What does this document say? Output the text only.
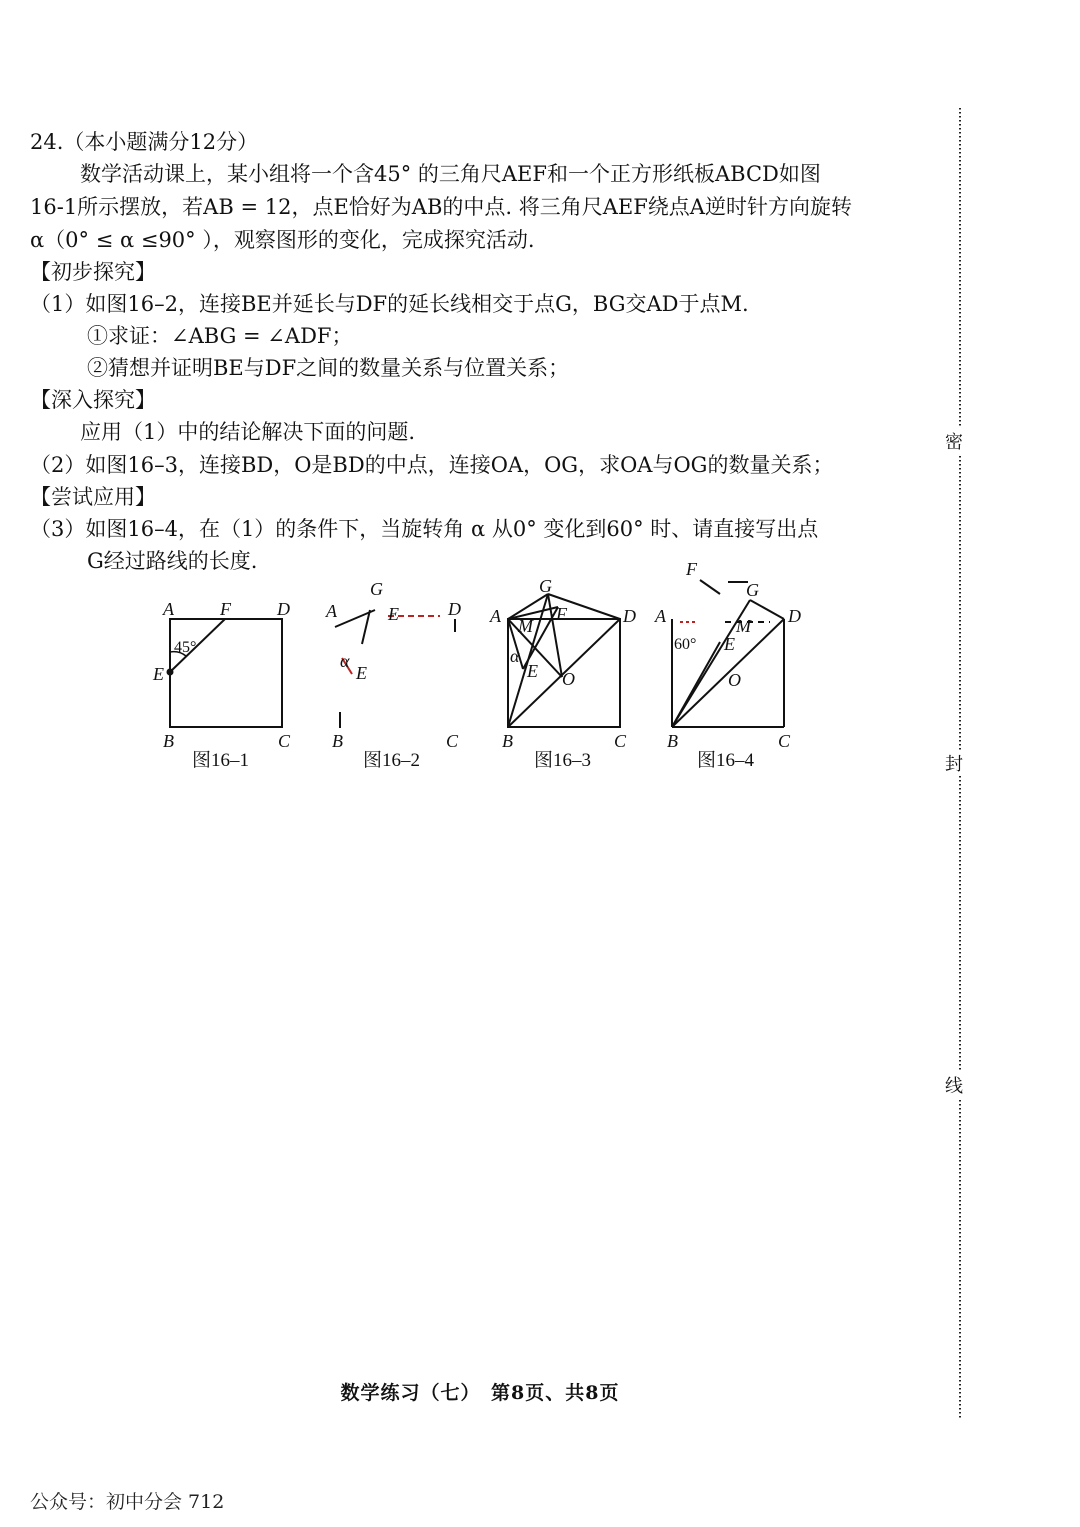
24.（本小题满分12分）
数学活动课上，某小组将一个含45° 的三角尺AEF和一个正方形纸板ABCD如图
16-1所示摆放，若AB = 12，点E恰好为AB的中点. 将三角尺AEF绕点A逆时针方向旋转
α（0° ≤ α ≤90° ），观察图形的变化，完成探究活动.
【初步探究】
（1）如图16–2，连接BE并延长与DF的延长线相交于点G，BG交AD于点M.
①求证：∠ABG = ∠ADF；
②猜想并证明BE与DF之间的数量关系与位置关系；
【深入探究】
应用（1）中的结论解决下面的问题.
（2）如图16–3，连接BD，O是BD的中点，连接OA，OG，求OA与OG的数量关系；
【尝试应用】
（3）如图16–4，在（1）的条件下，当旋转角 α 从0° 变化到60° 时、请直接写出点
G经过路线的长度.
A	F	D
45°
E
B	C
G
A	E	D
α
E
B	C
G
A M
F	D
α
E O
B	C
F
G
A
60°
M D
E
O
B	C
图16–1	图16–2	图16–3	图16–4
密
封
线
数学练习（七）　第8页、共8页
公众号：初中分会 712
